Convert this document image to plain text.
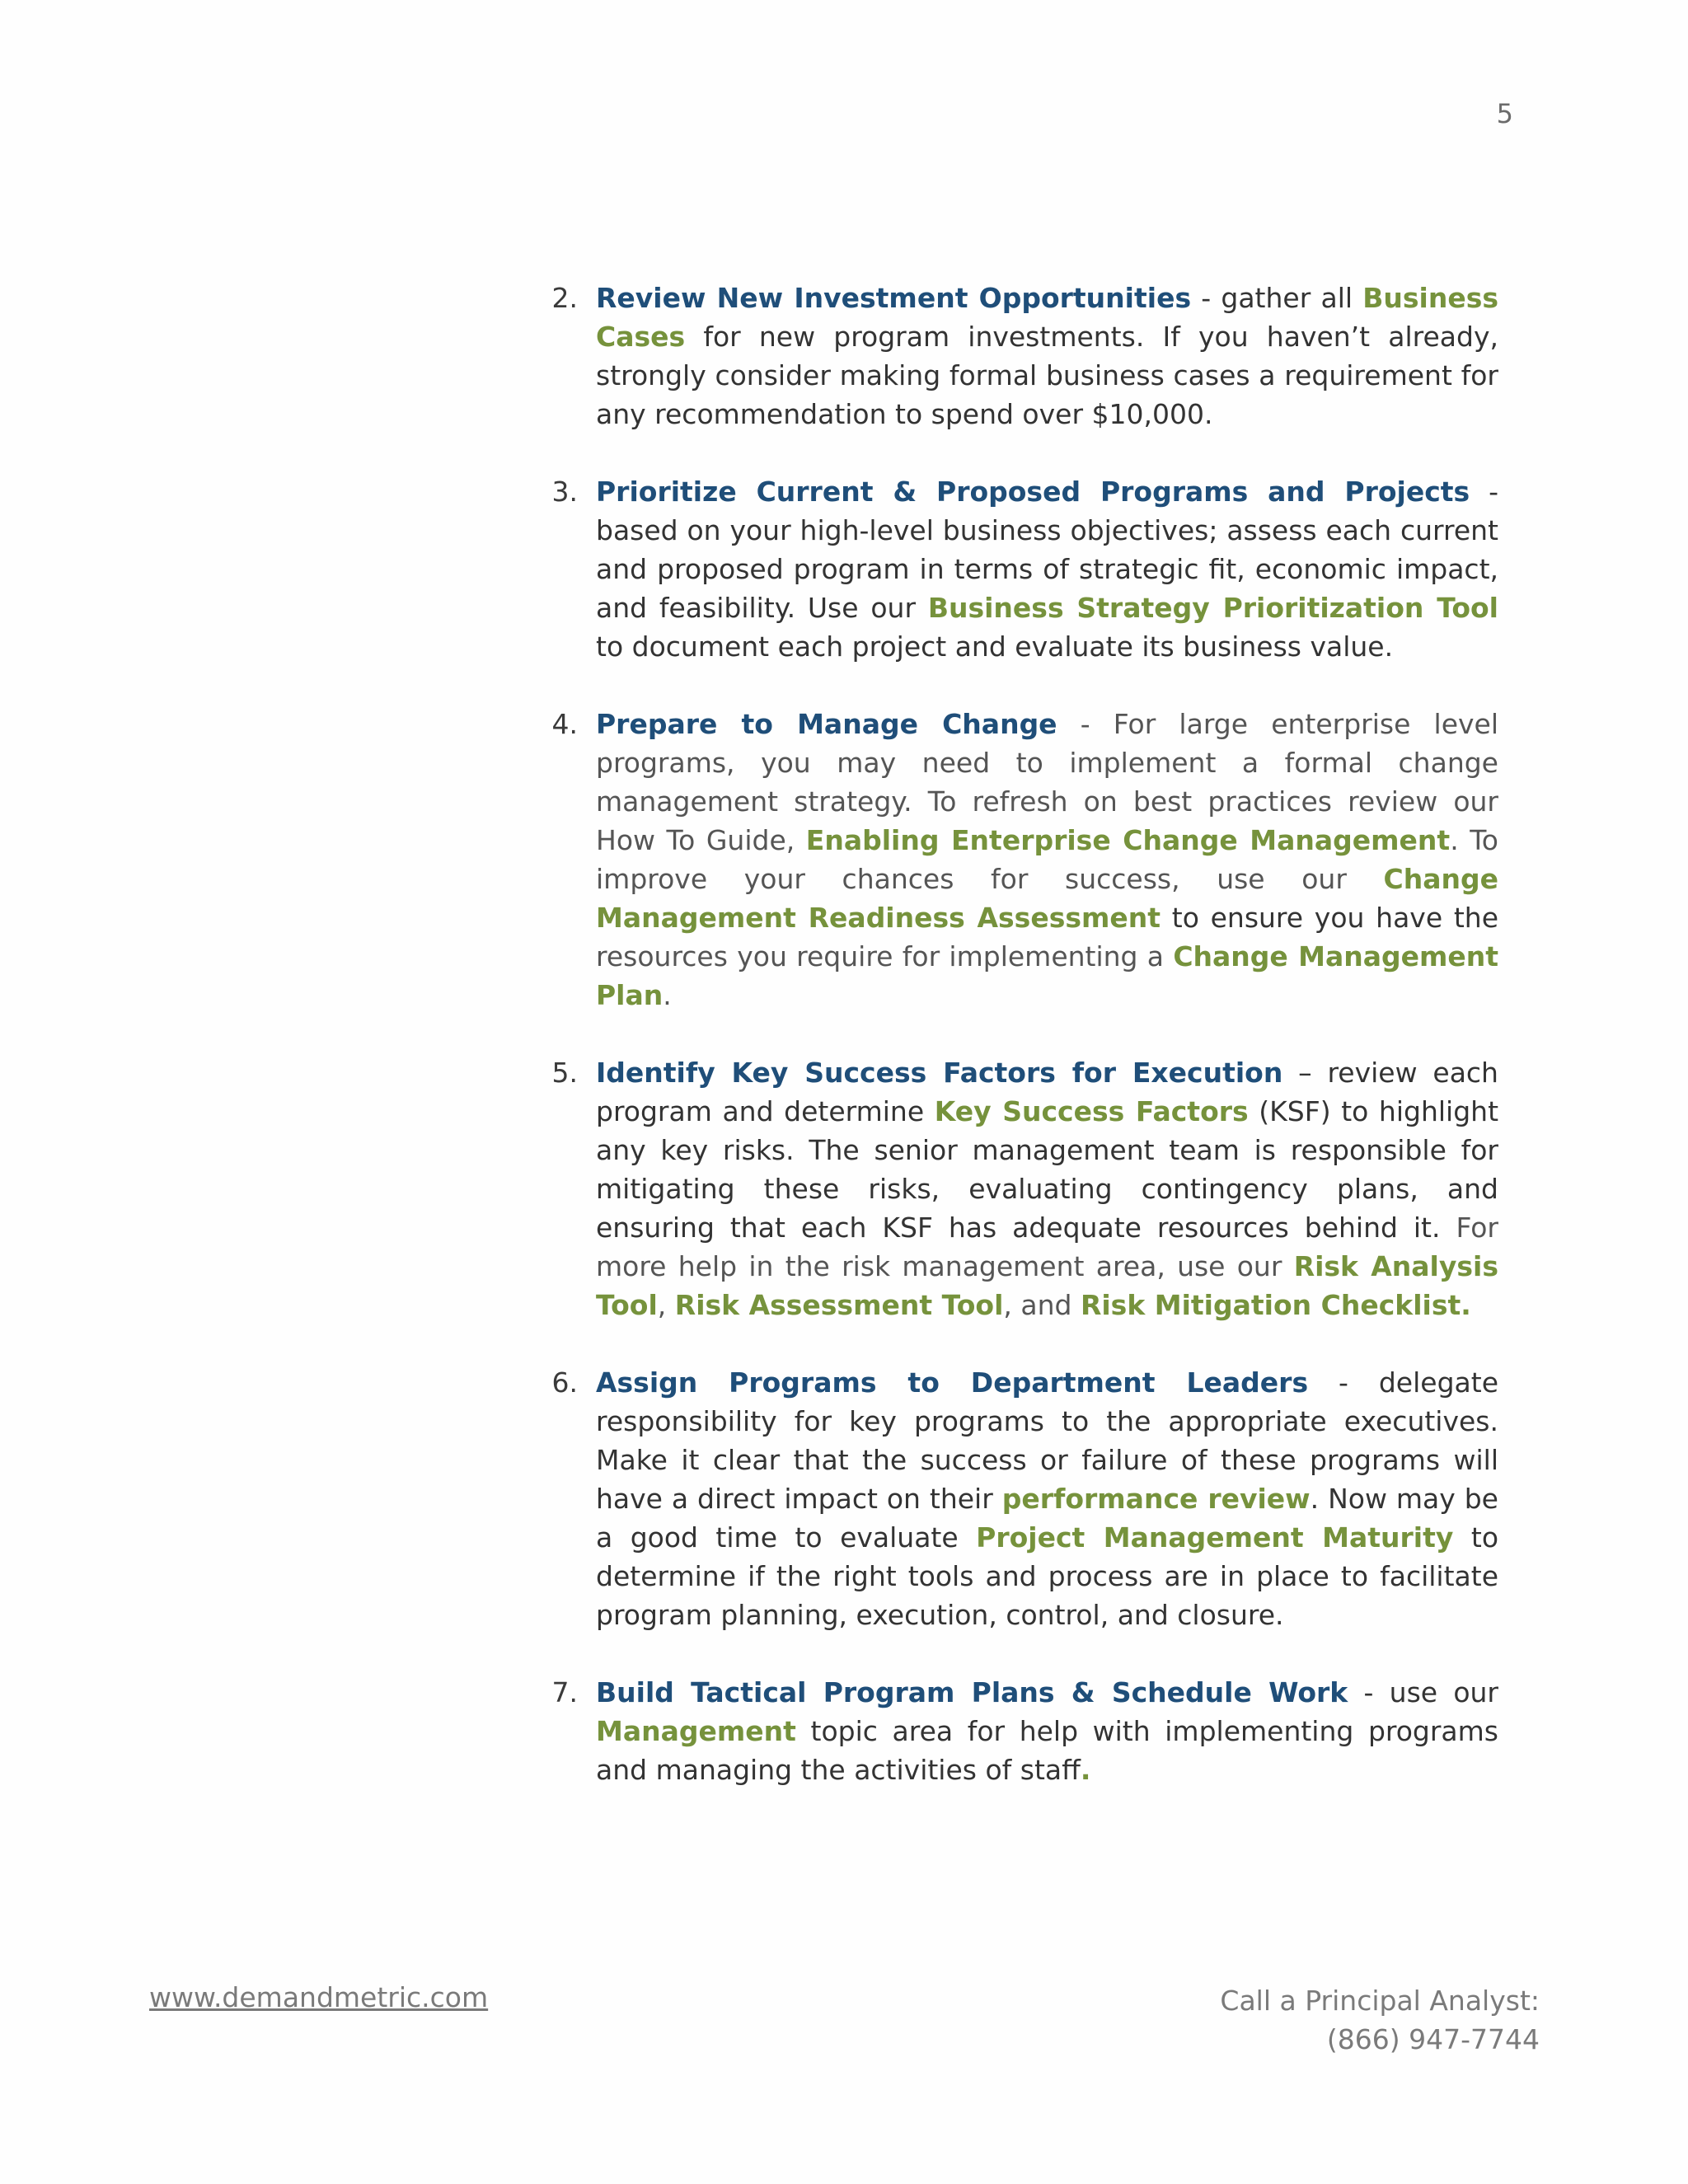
5

2. Review New Investment Opportunities - gather all Business Cases for new program investments. If you haven’t already, strongly consider making formal business cases a requirement for any recommendation to spend over $10,000.

3. Prioritize Current & Proposed Programs and Projects - based on your high-level business objectives; assess each current and proposed program in terms of strategic fit, economic impact, and feasibility. Use our Business Strategy Prioritization Tool to document each project and evaluate its business value.

4. Prepare to Manage Change - For large enterprise level programs, you may need to implement a formal change management strategy. To refresh on best practices review our How To Guide, Enabling Enterprise Change Management. To improve your chances for success, use our Change Management Readiness Assessment to ensure you have the resources you require for implementing a Change Management Plan.

5. Identify Key Success Factors for Execution – review each program and determine Key Success Factors (KSF) to highlight any key risks. The senior management team is responsible for mitigating these risks, evaluating contingency plans, and ensuring that each KSF has adequate resources behind it. For more help in the risk management area, use our Risk Analysis Tool, Risk Assessment Tool, and Risk Mitigation Checklist.

6. Assign Programs to Department Leaders - delegate responsibility for key programs to the appropriate executives. Make it clear that the success or failure of these programs will have a direct impact on their performance review. Now may be a good time to evaluate Project Management Maturity to determine if the right tools and process are in place to facilitate program planning, execution, control, and closure.

7. Build Tactical Program Plans & Schedule Work - use our Management topic area for help with implementing programs and managing the activities of staff.

www.demandmetric.com	Call a Principal Analyst:
(866) 947-7744
